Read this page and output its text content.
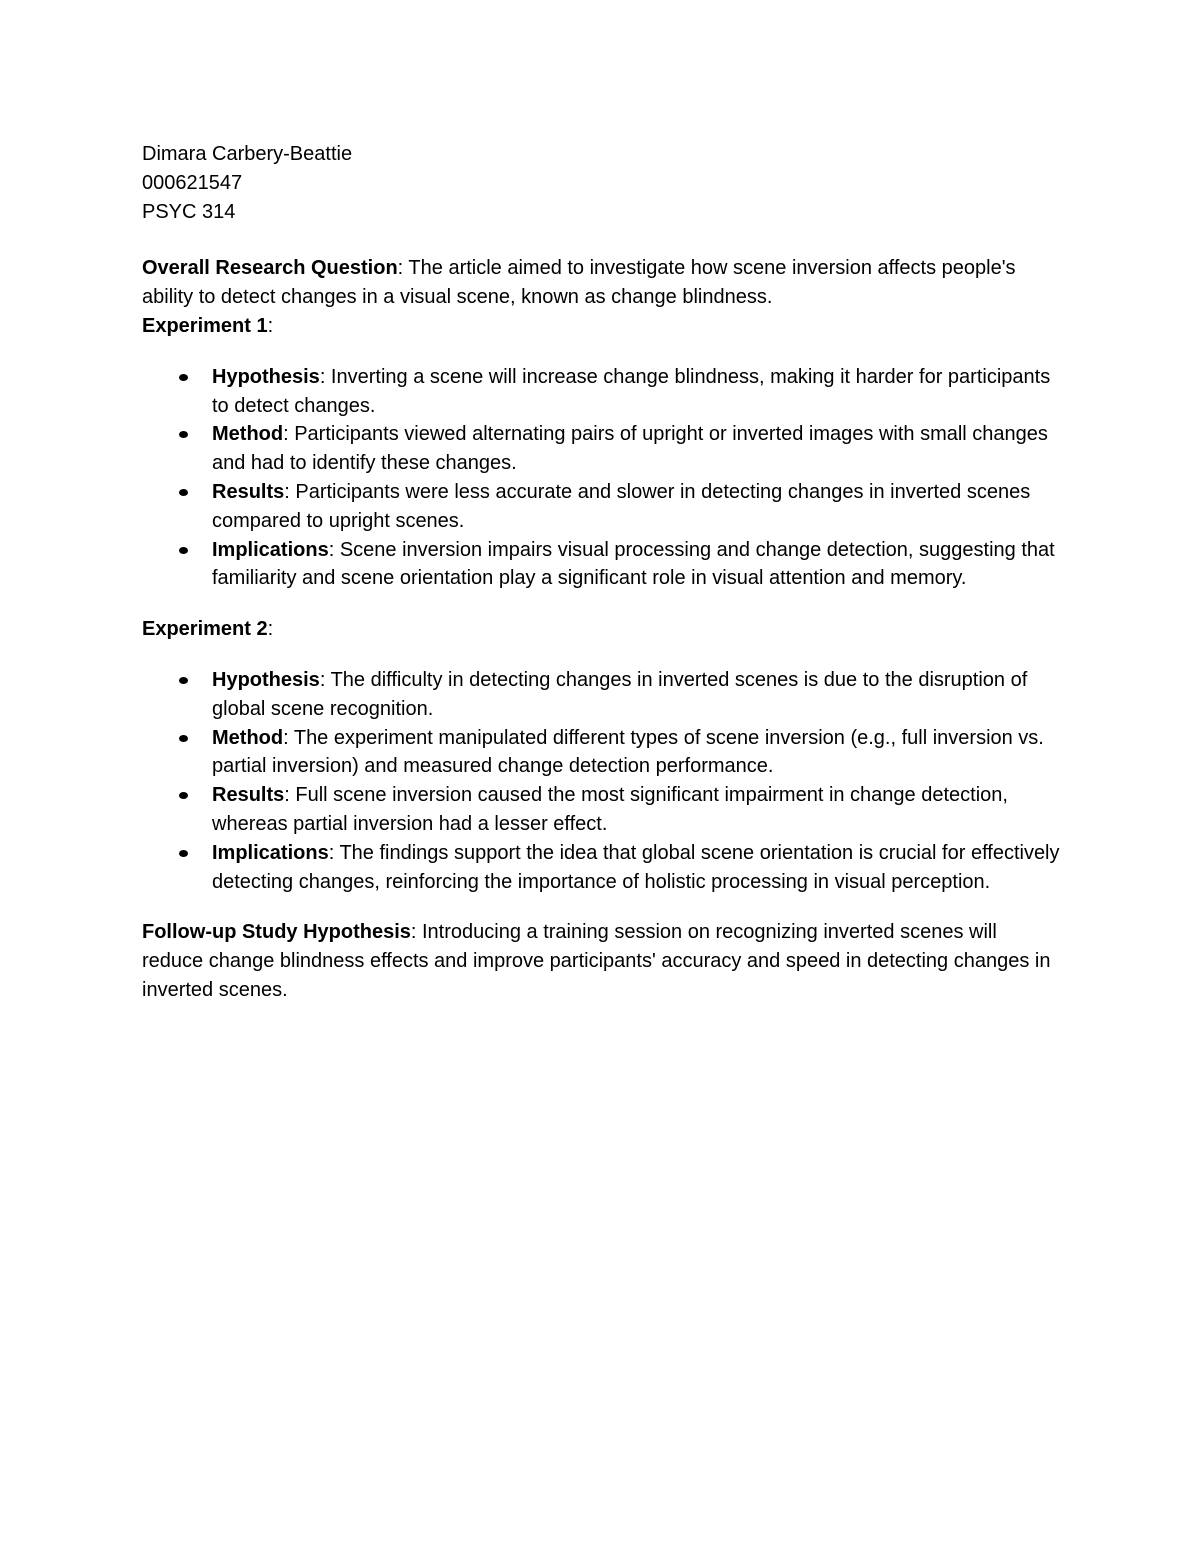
Dimara Carbery-Beattie
000621547
PSYC 314

Overall Research Question: The article aimed to investigate how scene inversion affects people's ability to detect changes in a visual scene, known as change blindness.

Experiment 1:

Hypothesis: Inverting a scene will increase change blindness, making it harder for participants to detect changes.
Method: Participants viewed alternating pairs of upright or inverted images with small changes and had to identify these changes.
Results: Participants were less accurate and slower in detecting changes in inverted scenes compared to upright scenes.
Implications: Scene inversion impairs visual processing and change detection, suggesting that familiarity and scene orientation play a significant role in visual attention and memory.

Experiment 2:

Hypothesis: The difficulty in detecting changes in inverted scenes is due to the disruption of global scene recognition.
Method: The experiment manipulated different types of scene inversion (e.g., full inversion vs. partial inversion) and measured change detection performance.
Results: Full scene inversion caused the most significant impairment in change detection, whereas partial inversion had a lesser effect.
Implications: The findings support the idea that global scene orientation is crucial for effectively detecting changes, reinforcing the importance of holistic processing in visual perception.

Follow-up Study Hypothesis: Introducing a training session on recognizing inverted scenes will reduce change blindness effects and improve participants' accuracy and speed in detecting changes in inverted scenes.
